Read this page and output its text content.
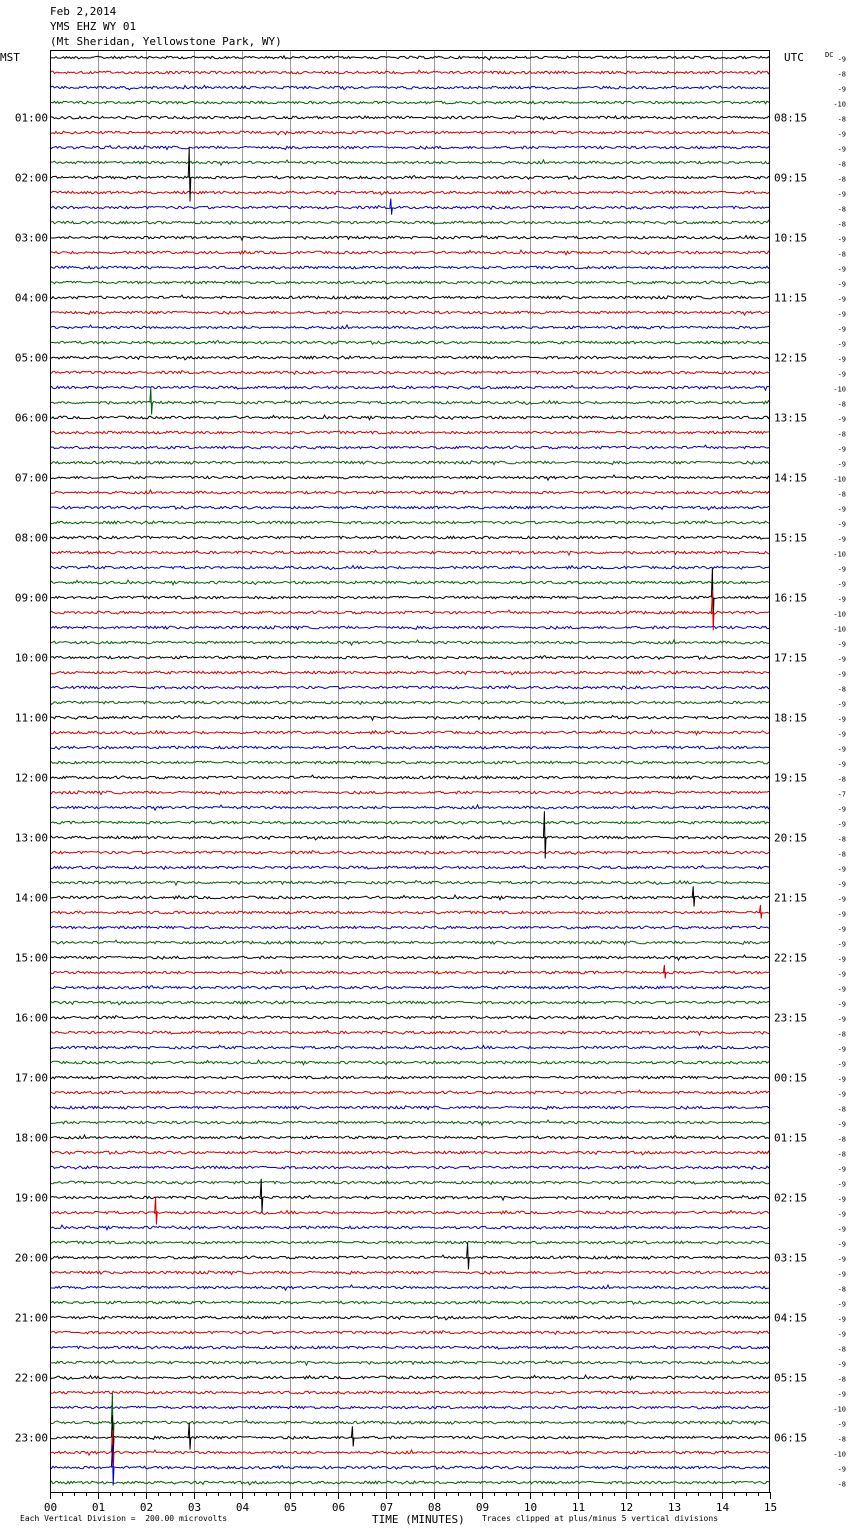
Feb 2,2014
YMS EHZ WY 01
(Mt Sheridan, Yellowstone Park, WY)
00	01	02	03	04	05	06	07	08	09	10	11	12	13	14	15
01:00
02:00
03:00
04:00
05:00
06:00
07:00
08:00
09:00
10:00
11:00
12:00
13:00
14:00
15:00
16:00
17:00
18:00
19:00
20:00
21:00
22:00
23:00
08:15
09:15
10:15
11:15
12:15
13:15
14:15
15:15
16:15
17:15
18:15
19:15
20:15
21:15
22:15
23:15
00:15
01:15
02:15
03:15
04:15
05:15
06:15
-9
-8
-9
-10
-8
-9
-9
-8
-8
-9
-8
-8
-9
-8
-9
-9
-9
-9
-9
-9
-9
-9
-10
-8
-9
-8
-9
-9
-10
-8
-9
-9
-9
-10
-9
-9
-9
-10
-10
-9
-9
-9
-8
-9
-9
-9
-9
-9
-8
-7
-9
-9
-8
-8
-9
-9
-9
-9
-9
-9
-9
-9
-9
-9
-9
-8
-9
-9
-9
-9
-8
-9
-8
-8
-9
-9
-9
-9
-9
-9
-9
-9
-8
-9
-9
-9
-8
-9
-8
-9
-10
-9
-8
-10
-9
-8
MST	UTC	DC
TIME (MINUTES)
Each Vertical Division =  200.00 microvolts	Traces clipped at plus/minus 5 vertical divisions
